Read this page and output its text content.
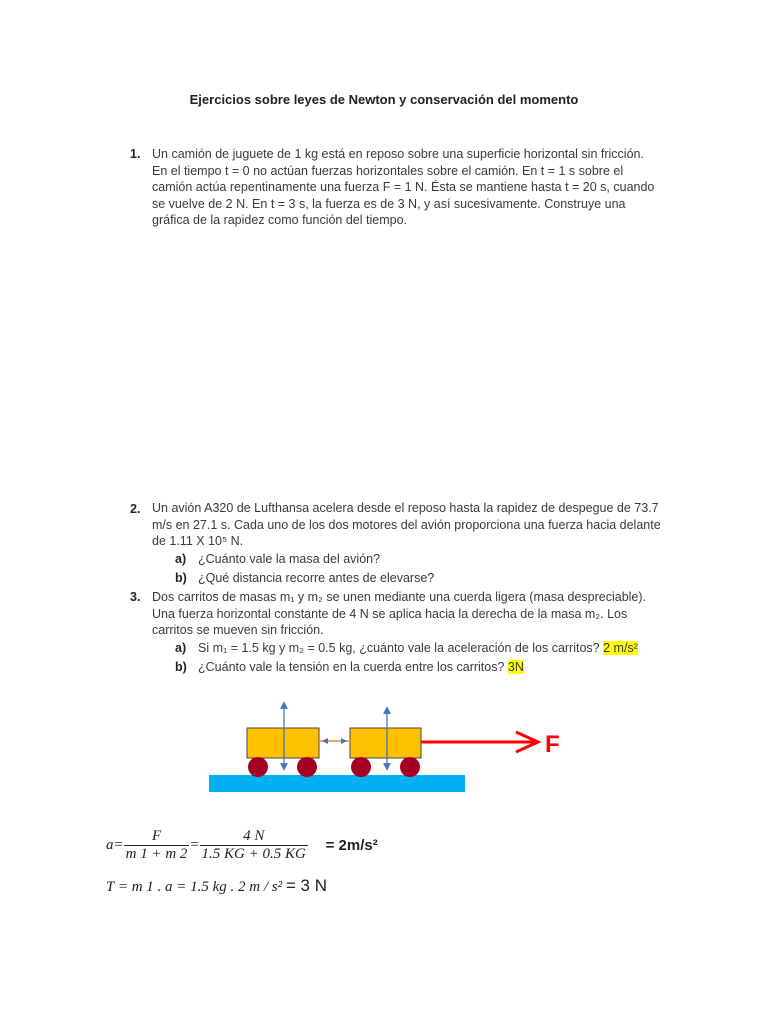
Ejercicios sobre leyes de Newton y conservación del momento
1. Un camión de juguete de 1 kg está en reposo sobre una superficie horizontal sin fricción. En el tiempo t = 0 no actúan fuerzas horizontales sobre el camión. En t = 1 s sobre el camión actúa repentinamente una fuerza F = 1 N. Ésta se mantiene hasta t = 20 s, cuando se vuelve de 2 N. En t = 3 s, la fuerza es de 3 N, y así sucesivamente. Construye una gráfica de la rapidez como función del tiempo.
2. Un avión A320 de Lufthansa acelera desde el reposo hasta la rapidez de despegue de 73.7 m/s en 27.1 s. Cada uno de los dos motores del avión proporciona una fuerza hacia delante de 1.11 X 10⁵ N.
a) ¿Cuánto vale la masa del avión?
b) ¿Qué distancia recorre antes de elevarse?
3. Dos carritos de masas m₁ y m₂ se unen mediante una cuerda ligera (masa despreciable). Una fuerza horizontal constante de 4 N se aplica hacia la derecha de la masa m₂. Los carritos se mueven sin fricción.
a) Si m₁ = 1.5 kg y m₂ = 0.5 kg, ¿cuánto vale la aceleración de los carritos? 2 m/s²
b) ¿Cuánto vale la tensión en la cuerda entre los carritos? 3N
F
$a= \frac{F}{m 1 + m 2} = \frac{4 N}{1.5 KG + 0.5 KG} = 2m/s^2$
T = m 1 . a = 1.5 kg . 2 m / s² = 3 N
